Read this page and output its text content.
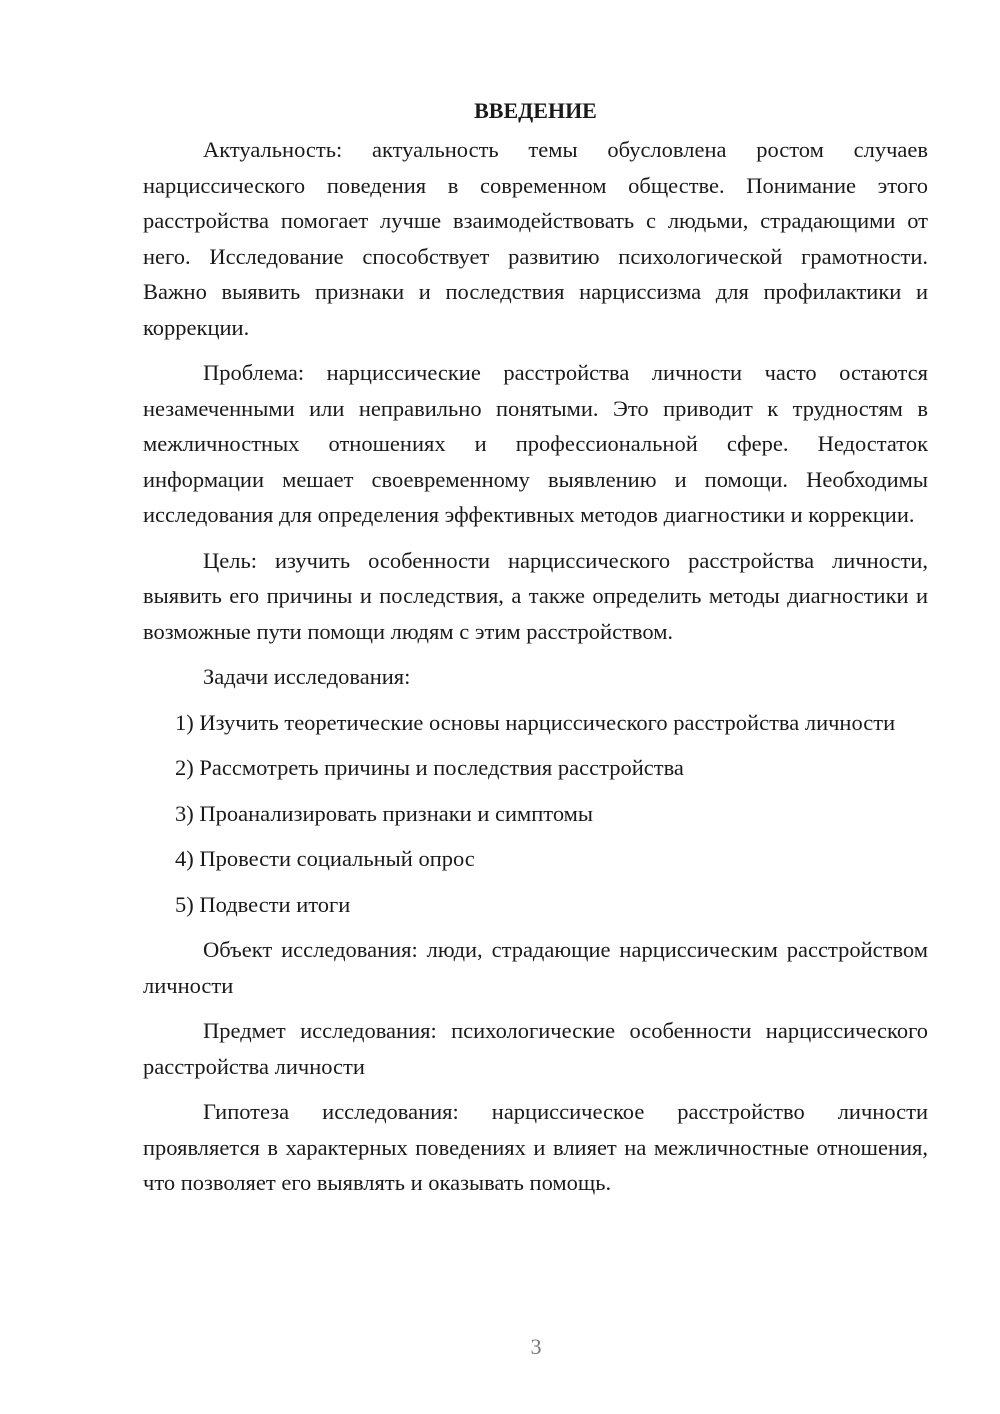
ВВЕДЕНИЕ

Актуальность: актуальность темы обусловлена ростом случаев нарциссического поведения в современном обществе. Понимание этого расстройства помогает лучше взаимодействовать с людьми, страдающими от него. Исследование способствует развитию психологической грамотности. Важно выявить признаки и последствия нарциссизма для профилактики и коррекции.

Проблема: нарциссические расстройства личности часто остаются незамеченными или неправильно понятыми. Это приводит к трудностям в межличностных отношениях и профессиональной сфере. Недостаток информации мешает своевременному выявлению и помощи. Необходимы исследования для определения эффективных методов диагностики и коррекции.

Цель: изучить особенности нарциссического расстройства личности, выявить его причины и последствия, а также определить методы диагностики и возможные пути помощи людям с этим расстройством.

Задачи исследования:

1) Изучить теоретические основы нарциссического расстройства личности
2) Рассмотреть причины и последствия расстройства
3) Проанализировать признаки и симптомы
4) Провести социальный опрос
5) Подвести итоги

Объект исследования: люди, страдающие нарциссическим расстройством личности

Предмет исследования: психологические особенности нарциссического расстройства личности

Гипотеза исследования: нарциссическое расстройство личности проявляется в характерных поведениях и влияет на межличностные отношения, что позволяет его выявлять и оказывать помощь.

3
